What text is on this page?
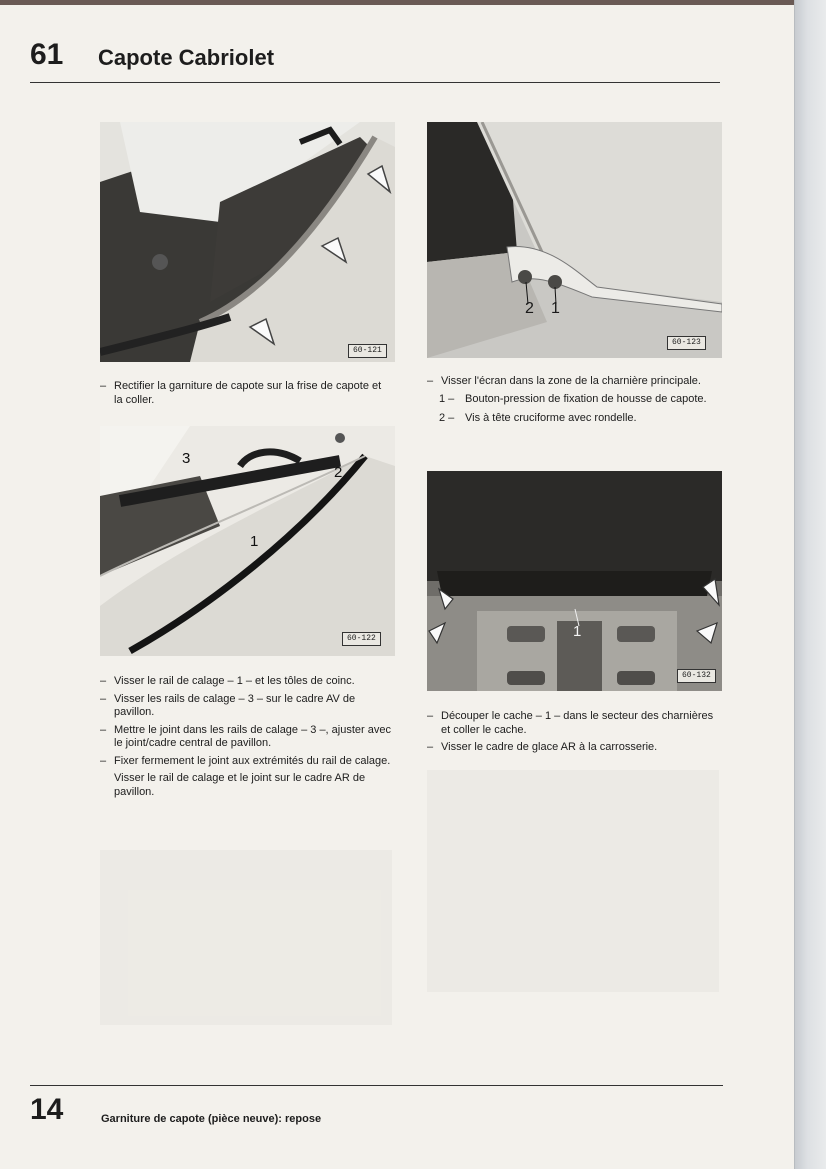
61 Capote Cabriolet
60-121
– Rectifier la garniture de capote sur la frise de capote et la coller.
2 1
60-123
– Visser l'écran dans la zone de la charnière principale.
1 – Bouton-pression de fixation de housse de capote.
2 – Vis à tête cruciforme avec rondelle.
3
2
1
60-122
– Visser le rail de calage – 1 – et les tôles de coinc.
– Visser les rails de calage – 3 – sur le cadre AV de pavillon.
– Mettre le joint dans les rails de calage – 3 –, ajuster avec le joint/cadre central de pavillon.
– Fixer fermement le joint aux extrémités du rail de calage.
Visser le rail de calage et le joint sur le cadre AR de pavillon.
1
60-132
– Découper le cache – 1 – dans le secteur des charnières et coller le cache.
– Visser le cadre de glace AR à la carrosserie.
14	Garniture de capote (pièce neuve): repose
